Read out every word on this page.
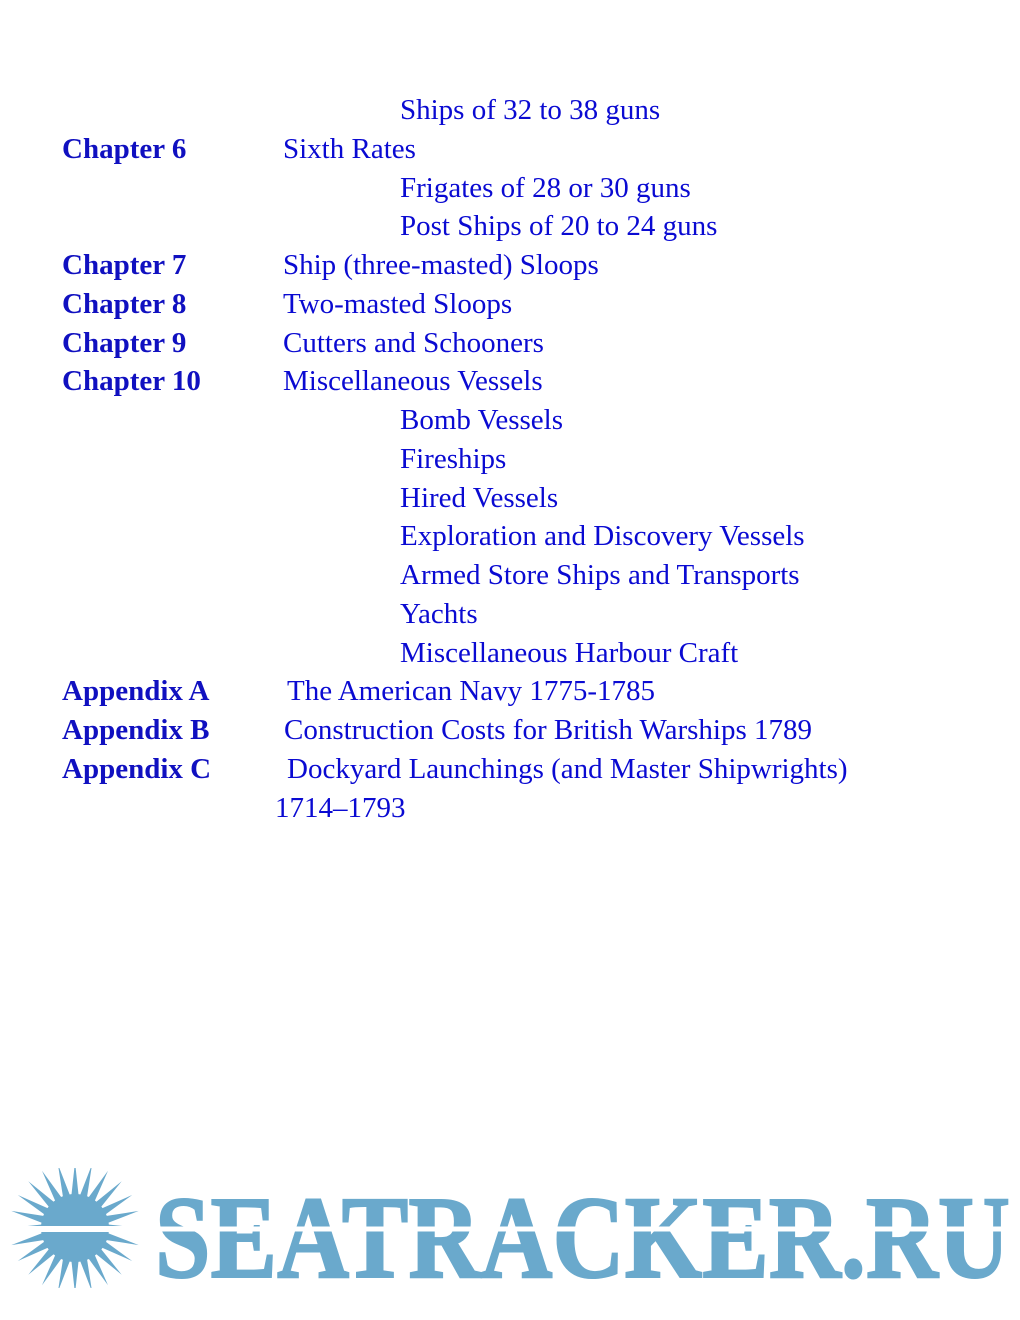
Ships of 32 to 38 guns
Chapter 6	Sixth Rates
Frigates of 28 or 30 guns
Post Ships of 20 to 24 guns
Chapter 7	Ship (three-masted) Sloops
Chapter 8	Two-masted Sloops
Chapter 9	Cutters and Schooners
Chapter 10	Miscellaneous Vessels
Bomb Vessels
Fireships
Hired Vessels
Exploration and Discovery Vessels
Armed Store Ships and Transports
Yachts
Miscellaneous Harbour Craft
Appendix A	The American Navy 1775-1785
Appendix B	Construction Costs for British Warships 1789
Appendix C	Dockyard Launchings (and Master Shipwrights)
1714–1793
SEATRACKER.RU
